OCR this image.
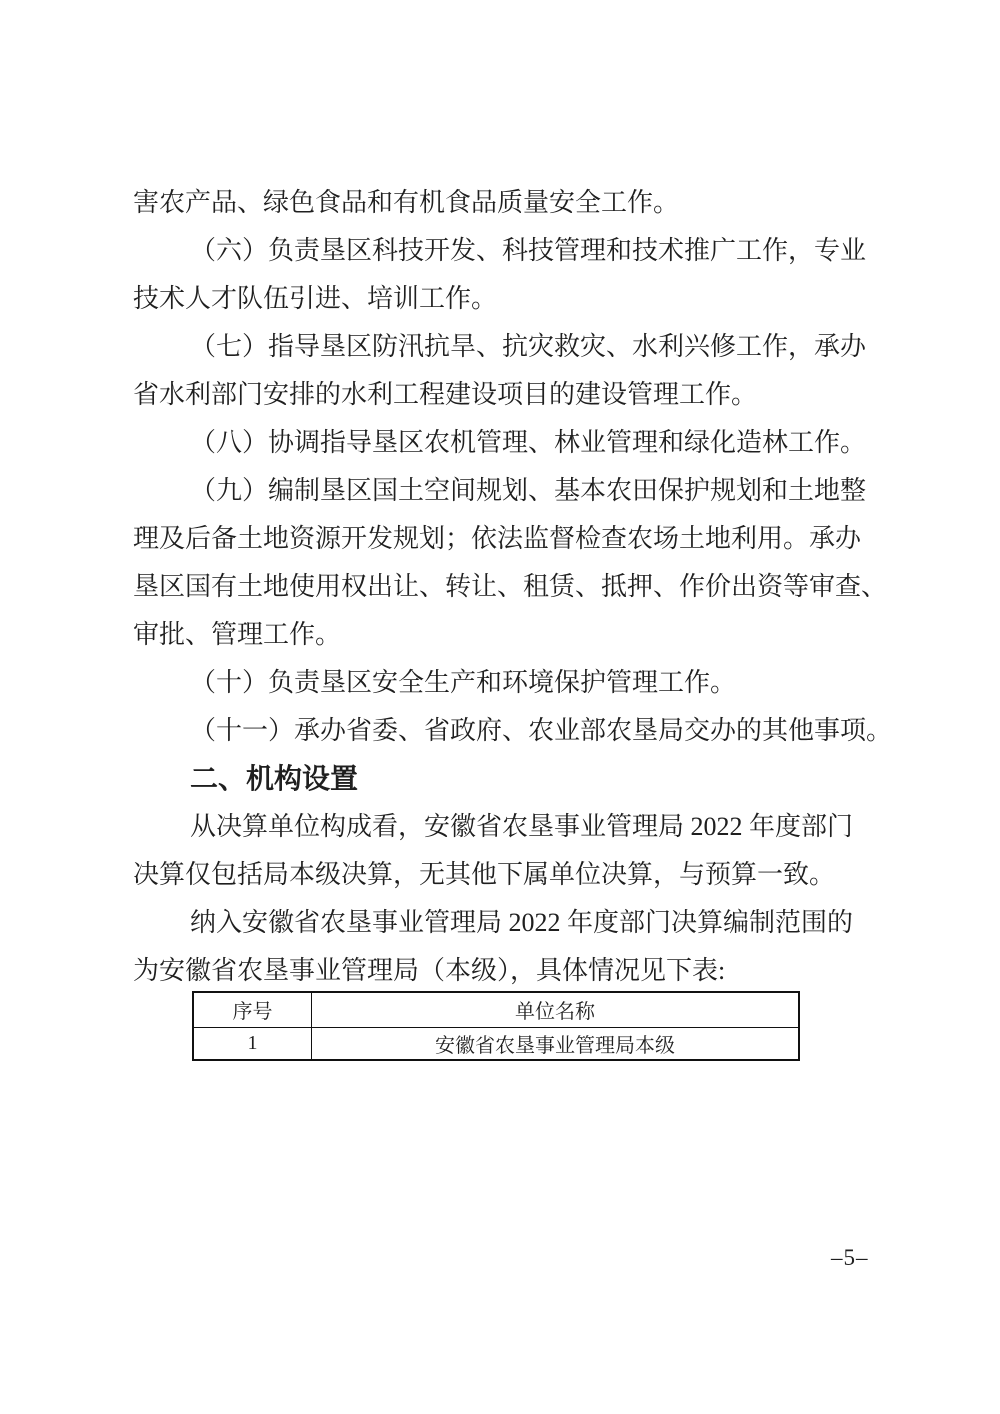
害农产品、绿色食品和有机食品质量安全工作。
（六）负责垦区科技开发、科技管理和技术推广工作，专业
技术人才队伍引进、培训工作。
（七）指导垦区防汛抗旱、抗灾救灾、水利兴修工作，承办
省水利部门安排的水利工程建设项目的建设管理工作。
（八）协调指导垦区农机管理、林业管理和绿化造林工作。
（九）编制垦区国土空间规划、基本农田保护规划和土地整
理及后备土地资源开发规划；依法监督检查农场土地利用。承办
垦区国有土地使用权出让、转让、租赁、抵押、作价出资等审查、
审批、管理工作。
（十）负责垦区安全生产和环境保护管理工作。
（十一）承办省委、省政府、农业部农垦局交办的其他事项。
二、机构设置
从决算单位构成看，安徽省农垦事业管理局 2022 年度部门
决算仅包括局本级决算，无其他下属单位决算，与预算一致。
纳入安徽省农垦事业管理局 2022 年度部门决算编制范围的
为安徽省农垦事业管理局（本级），具体情况见下表:
序号	单位名称
1	安徽省农垦事业管理局本级
–5–
